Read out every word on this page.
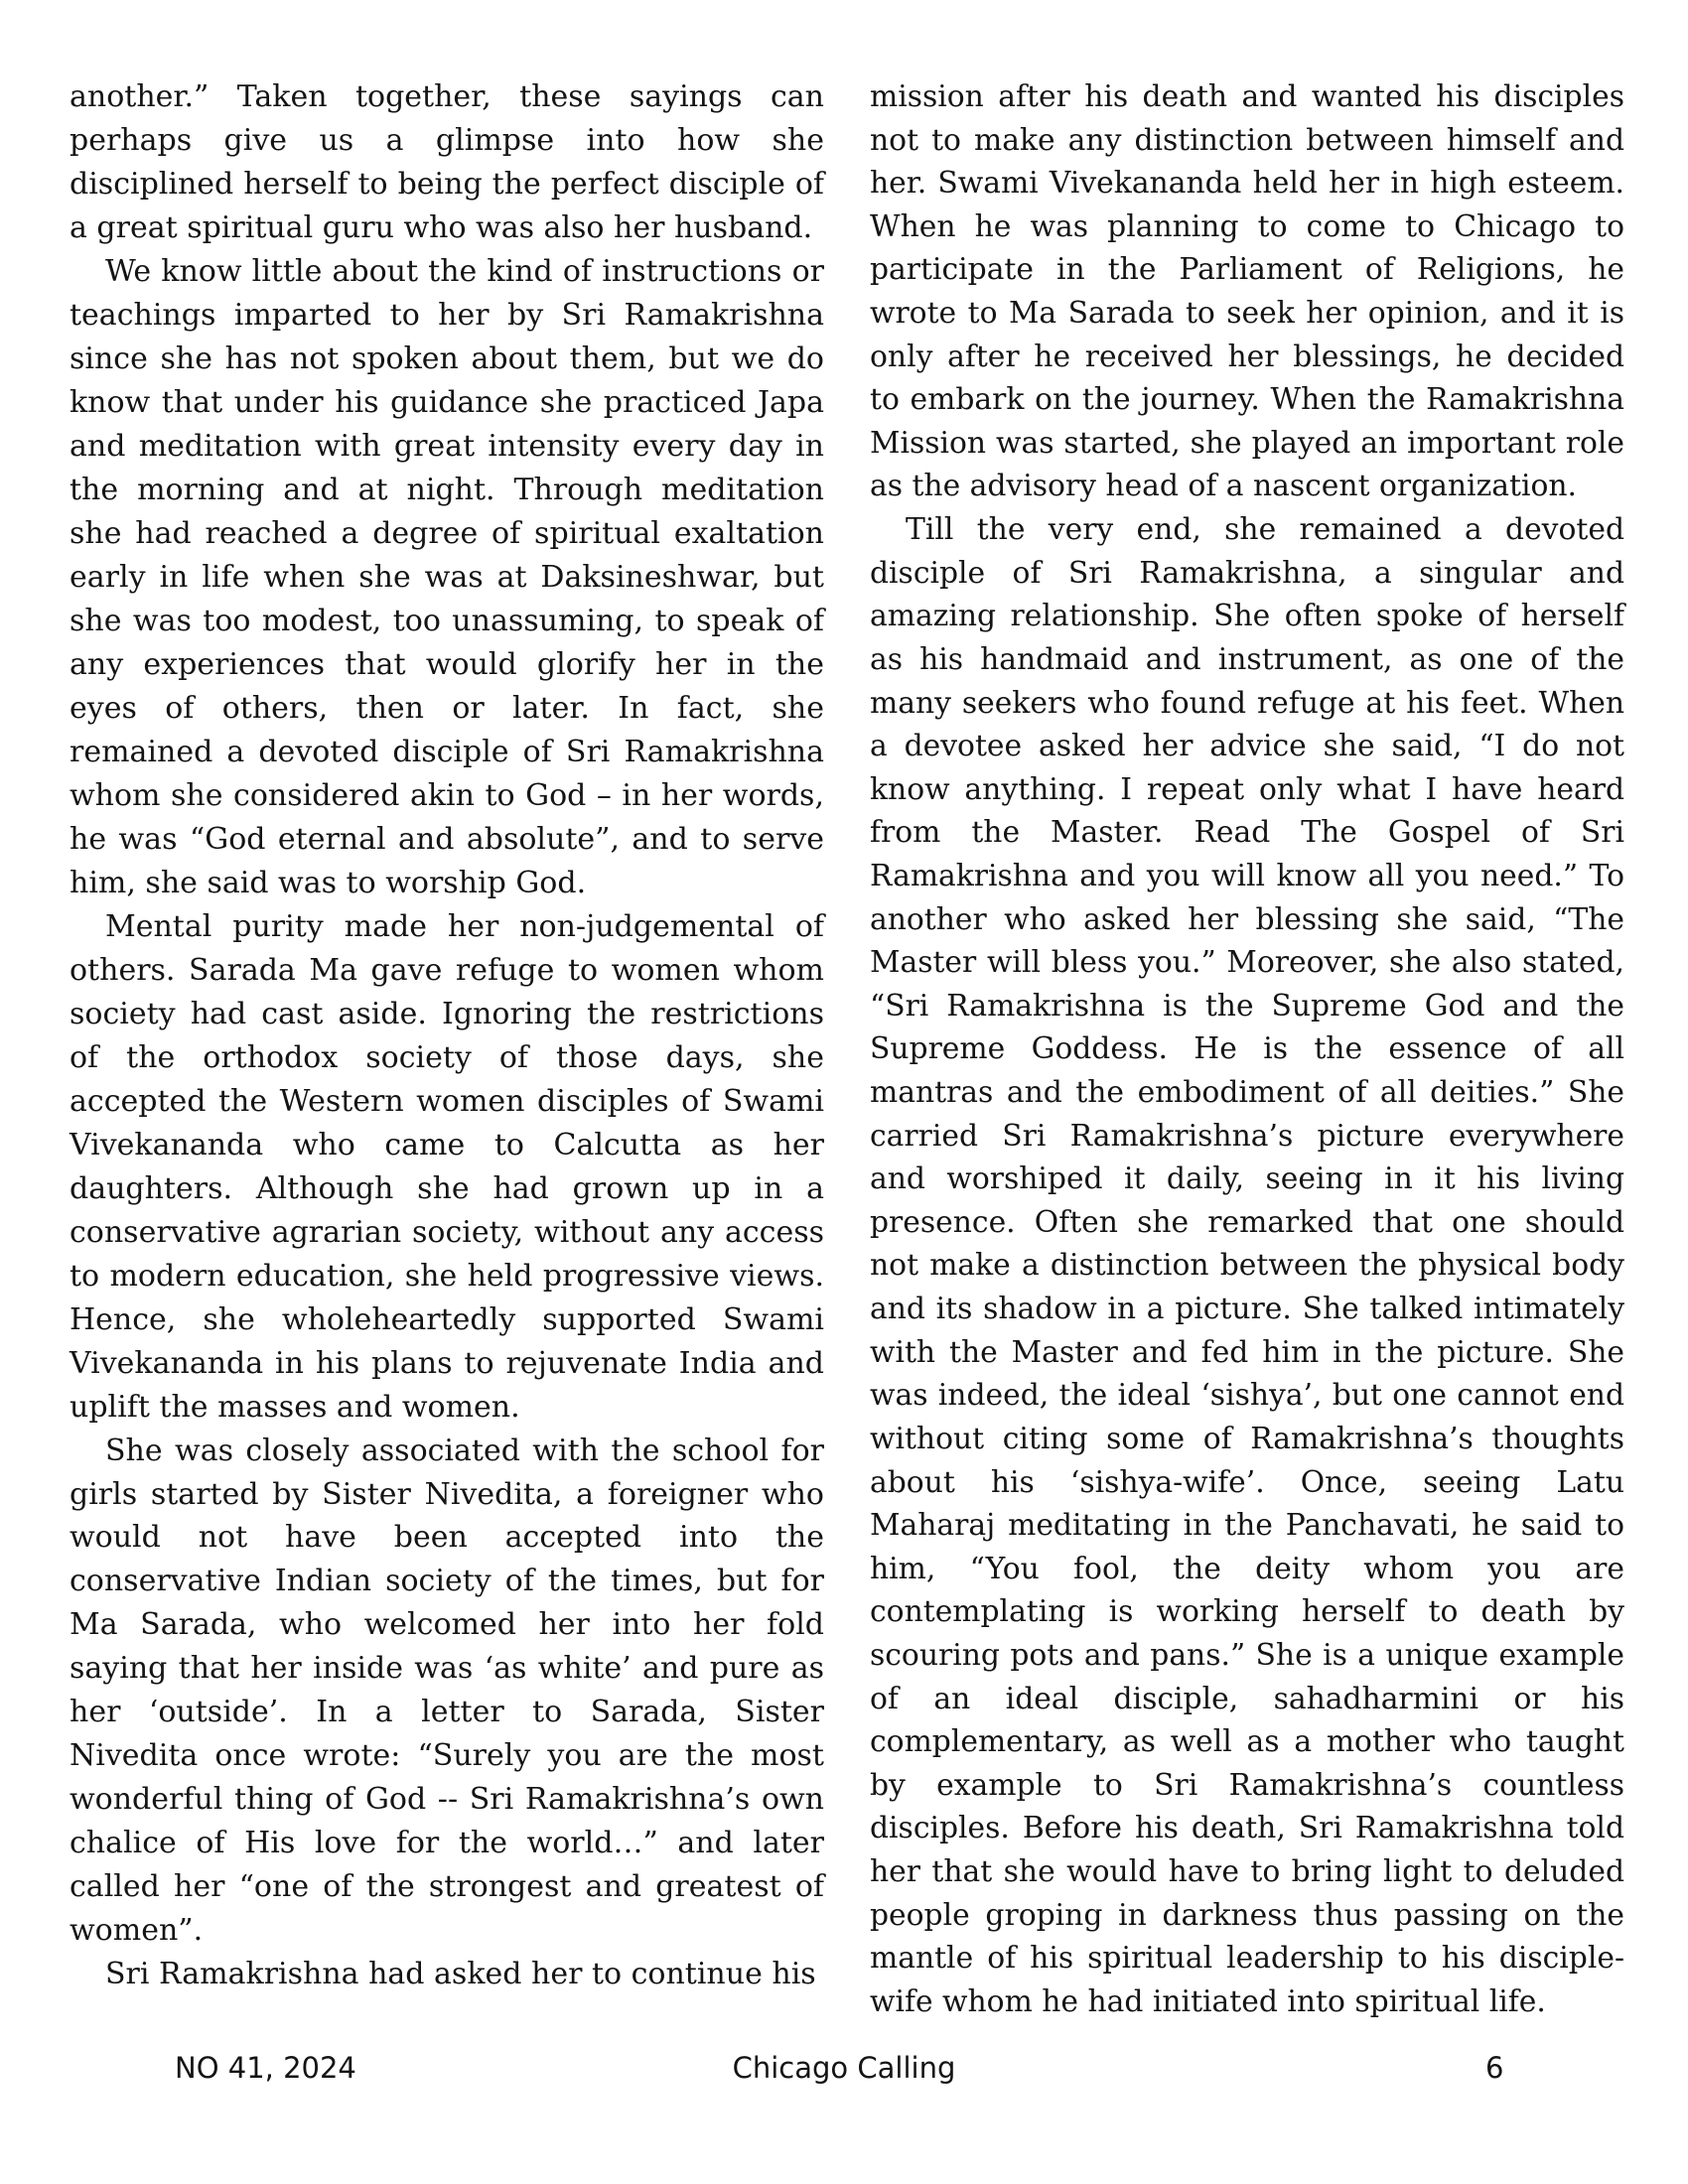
another.” Taken together, these sayings can perhaps give us a glimpse into how she disciplined herself to being the perfect disciple of a great spiritual guru who was also her husband.

We know little about the kind of instructions or teachings imparted to her by Sri Ramakrishna since she has not spoken about them, but we do know that under his guidance she practiced Japa and meditation with great intensity every day in the morning and at night. Through meditation she had reached a degree of spiritual exaltation early in life when she was at Daksineshwar, but she was too modest, too unassuming, to speak of any experiences that would glorify her in the eyes of others, then or later. In fact, she remained a devoted disciple of Sri Ramakrishna whom she considered akin to God – in her words, he was “God eternal and absolute”, and to serve him, she said was to worship God.

Mental purity made her non-judgemental of others. Sarada Ma gave refuge to women whom society had cast aside. Ignoring the restrictions of the orthodox society of those days, she accepted the Western women disciples of Swami Vivekananda who came to Calcutta as her daughters. Although she had grown up in a conservative agrarian society, without any access to modern education, she held progressive views. Hence, she wholeheartedly supported Swami Vivekananda in his plans to rejuvenate India and uplift the masses and women.

She was closely associated with the school for girls started by Sister Nivedita, a foreigner who would not have been accepted into the conservative Indian society of the times, but for Ma Sarada, who welcomed her into her fold saying that her inside was ‘as white’ and pure as her ‘outside’. In a letter to Sarada, Sister Nivedita once wrote: “Surely you are the most wonderful thing of God -- Sri Ramakrishna’s own chalice of His love for the world…” and later called her “one of the strongest and greatest of women”.

Sri Ramakrishna had asked her to continue his

mission after his death and wanted his disciples not to make any distinction between himself and her. Swami Vivekananda held her in high esteem. When he was planning to come to Chicago to participate in the Parliament of Religions, he wrote to Ma Sarada to seek her opinion, and it is only after he received her blessings, he decided to embark on the journey. When the Ramakrishna Mission was started, she played an important role as the advisory head of a nascent organization.

Till the very end, she remained a devoted disciple of Sri Ramakrishna, a singular and amazing relationship. She often spoke of herself as his handmaid and instrument, as one of the many seekers who found refuge at his feet. When a devotee asked her advice she said, “I do not know anything. I repeat only what I have heard from the Master. Read The Gospel of Sri Ramakrishna and you will know all you need.” To another who asked her blessing she said, “The Master will bless you.” Moreover, she also stated, “Sri Ramakrishna is the Supreme God and the Supreme Goddess. He is the essence of all mantras and the embodiment of all deities.” She carried Sri Ramakrishna’s picture everywhere and worshiped it daily, seeing in it his living presence. Often she remarked that one should not make a distinction between the physical body and its shadow in a picture. She talked intimately with the Master and fed him in the picture. She was indeed, the ideal ‘sishya’, but one cannot end without citing some of Ramakrishna’s thoughts about his ‘sishya-wife’. Once, seeing Latu Maharaj meditating in the Panchavati, he said to him, “You fool, the deity whom you are contemplating is working herself to death by scouring pots and pans.” She is a unique example of an ideal disciple, sahadharmini or his complementary, as well as a mother who taught by example to Sri Ramakrishna’s countless disciples. Before his death, Sri Ramakrishna told her that she would have to bring light to deluded people groping in darkness thus passing on the mantle of his spiritual leadership to his disciple-wife whom he had initiated into spiritual life.

NO 41, 2024	Chicago Calling	6
